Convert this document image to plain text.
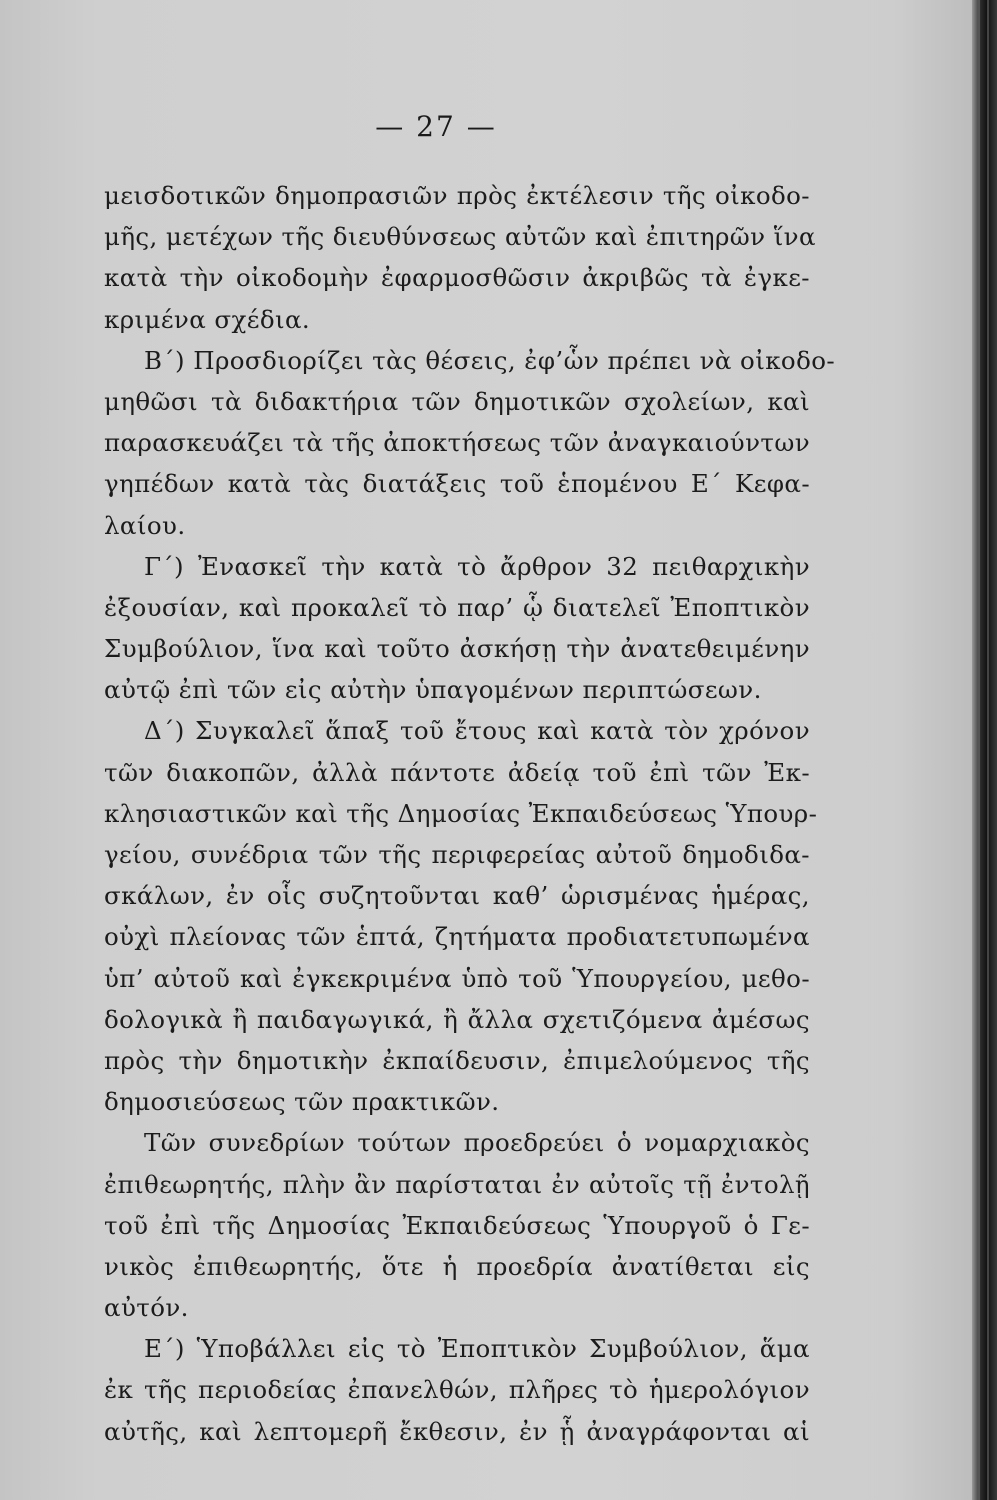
— 27 —
μεισδοτικῶν δημοπρασιῶν πρὸς ἐκτέλεσιν τῆς οἰκοδο-
μῆς, μετέχων τῆς διευθύνσεως αὐτῶν καὶ ἐπιτηρῶν ἵνα
κατὰ τὴν οἰκοδομὴν ἐφαρμοσθῶσιν ἀκριβῶς τὰ ἐγκε-
κριμένα σχέδια.
Β΄) Προσδιορίζει τὰς θέσεις, ἐφ’ὧν πρέπει νὰ οἰκοδο-
μηθῶσι τὰ διδακτήρια τῶν δημοτικῶν σχολείων, καὶ
παρασκευάζει τὰ τῆς ἀποκτήσεως τῶν ἀναγκαιούντων
γηπέδων κατὰ τὰς διατάξεις τοῦ ἑπομένου Ε΄ Κεφα-
λαίου.
Γ΄) Ἐνασκεῖ τὴν κατὰ τὸ ἄρθρον 32 πειθαρχικὴν
ἐξουσίαν, καὶ προκαλεῖ τὸ παρ’ ᾧ διατελεῖ Ἐποπτικὸν
Συμβούλιον, ἵνα καὶ τοῦτο ἀσκήσῃ τὴν ἀνατεθειμένην
αὐτῷ ἐπὶ τῶν εἰς αὐτὴν ὑπαγομένων περιπτώσεων.
Δ΄) Συγκαλεῖ ἅπαξ τοῦ ἔτους καὶ κατὰ τὸν χρόνον
τῶν διακοπῶν, ἀλλὰ πάντοτε ἀδείᾳ τοῦ ἐπὶ τῶν Ἐκ-
κλησιαστικῶν καὶ τῆς Δημοσίας Ἐκπαιδεύσεως Ὑπουρ-
γείου, συνέδρια τῶν τῆς περιφερείας αὐτοῦ δημοδιδα-
σκάλων, ἐν οἷς συζητοῦνται καθ’ ὡρισμένας ἡμέρας,
οὐχὶ πλείονας τῶν ἑπτά, ζητήματα προδιατετυπωμένα
ὑπ’ αὐτοῦ καὶ ἐγκεκριμένα ὑπὸ τοῦ Ὑπουργείου, μεθο-
δολογικὰ ἢ παιδαγωγικά, ἢ ἄλλα σχετιζόμενα ἀμέσως
πρὸς τὴν δημοτικὴν ἐκπαίδευσιν, ἐπιμελούμενος τῆς
δημοσιεύσεως τῶν πρακτικῶν.
Τῶν συνεδρίων τούτων προεδρεύει ὁ νομαρχιακὸς
ἐπιθεωρητής, πλὴν ἂν παρίσταται ἐν αὐτοῖς τῇ ἐντολῇ
τοῦ ἐπὶ τῆς Δημοσίας Ἐκπαιδεύσεως Ὑπουργοῦ ὁ Γε-
νικὸς ἐπιθεωρητής, ὅτε ἡ προεδρία ἀνατίθεται εἰς
αὐτόν.
Ε΄) Ὑποβάλλει εἰς τὸ Ἐποπτικὸν Συμβούλιον, ἅμα
ἐκ τῆς περιοδείας ἐπανελθών, πλῆρες τὸ ἡμερολόγιον
αὐτῆς, καὶ λεπτομερῆ ἔκθεσιν, ἐν ᾗ ἀναγράφονται αἱ
